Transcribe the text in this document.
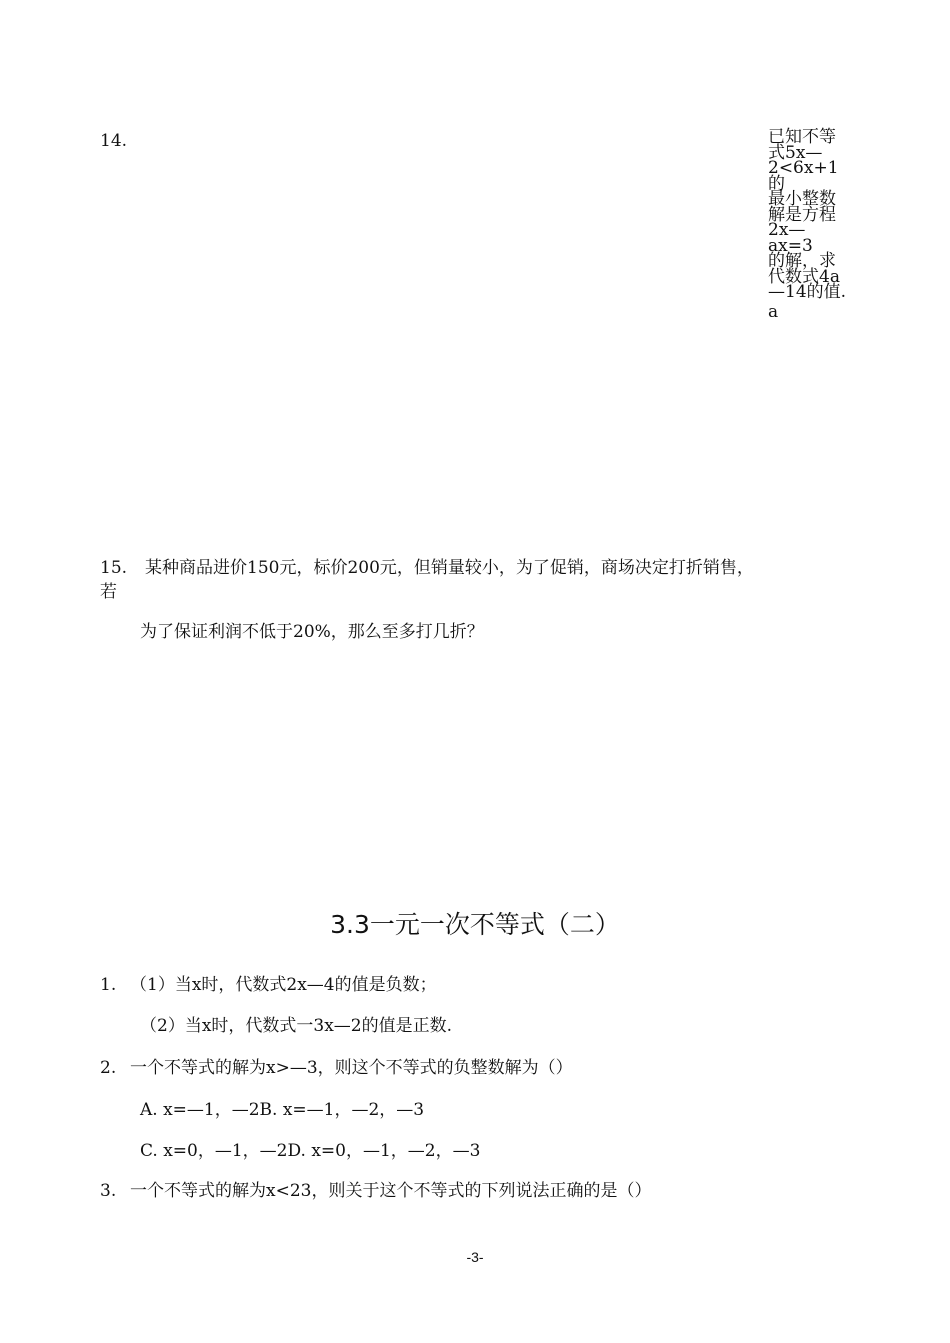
14.	已知不等
式5x—
2<6x+1的
最小整数
解是方程
2x—ax=3
的解，求
代数式4a
—14的值.
a
15. 某种商品进价150元，标价200元，但销量较小，为了促销，商场决定打折销售，
若
为了保证利润不低于20%，那么至多打几折？
3.3一元一次不等式（二）
1. （1）当x时，代数式2x—4的值是负数；
（2）当x时，代数式一3x—2的值是正数.
2. 一个不等式的解为x>—3，则这个不等式的负整数解为（）
A. x=—1，—2B. x=—1，—2，—3
C. x=0，—1，—2D. x=0，—1，—2，—3
3. 一个不等式的解为x<23，则关于这个不等式的下列说法正确的是（）
-3-
